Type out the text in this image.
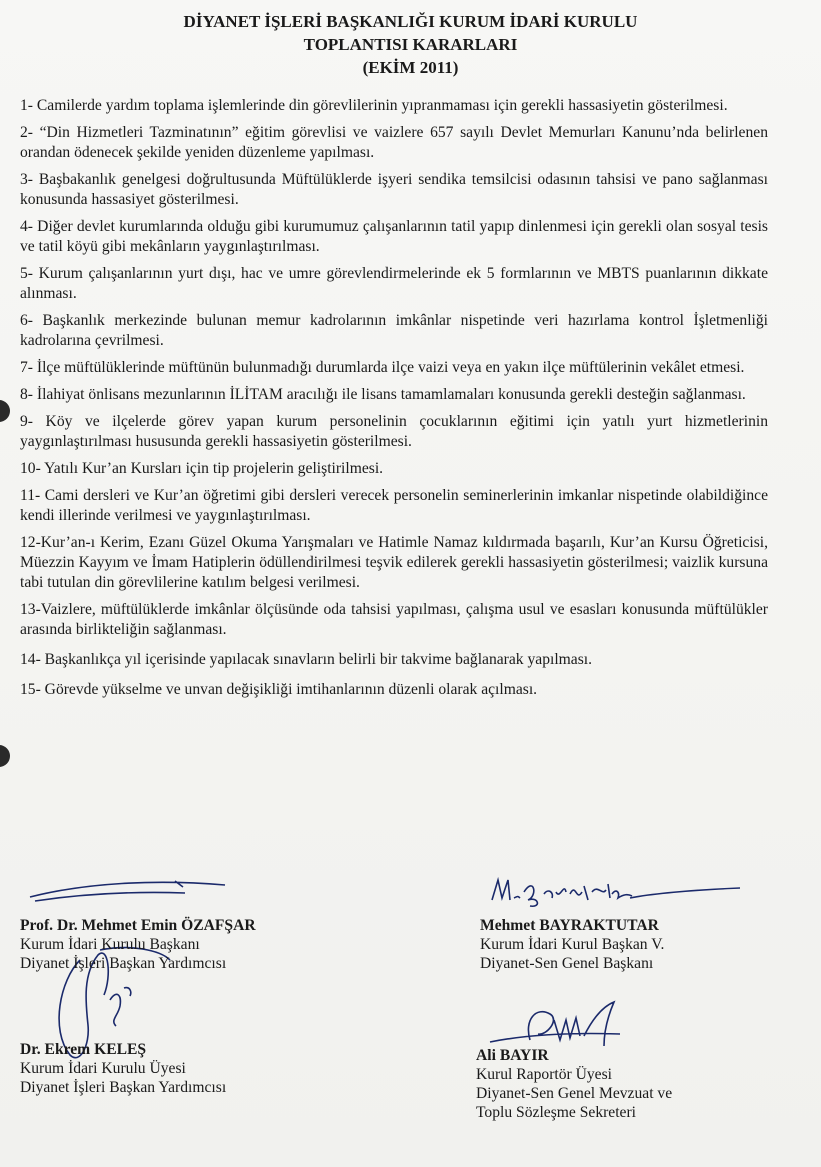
DİYANET İŞLERİ BAŞKANLIĞI KURUM İDARİ KURULU
TOPLANTISI KARARLARI
(EKİM 2011)
1- Camilerde yardım toplama işlemlerinde din görevlilerinin yıpranmaması için gerekli hassasiyetin gösterilmesi.
2- “Din Hizmetleri Tazminatının” eğitim görevlisi ve vaizlere 657 sayılı Devlet Memurları Kanunu’nda belirlenen orandan ödenecek şekilde yeniden düzenleme yapılması.
3- Başbakanlık genelgesi doğrultusunda Müftülüklerde işyeri sendika temsilcisi odasının tahsisi ve pano sağlanması konusunda hassasiyet gösterilmesi.
4- Diğer devlet kurumlarında olduğu gibi kurumumuz çalışanlarının tatil yapıp dinlenmesi için gerekli olan sosyal tesis ve tatil köyü gibi mekânların yaygınlaştırılması.
5- Kurum çalışanlarının yurt dışı, hac ve umre görevlendirmelerinde ek 5 formlarının ve MBTS puanlarının dikkate alınması.
6- Başkanlık merkezinde bulunan memur kadrolarının imkânlar nispetinde veri hazırlama kontrol İşletmenliği kadrolarına çevrilmesi.
7- İlçe müftülüklerinde müftünün bulunmadığı durumlarda ilçe vaizi veya en yakın ilçe müftülerinin vekâlet etmesi.
8- İlahiyat önlisans mezunlarının İLİTAM aracılığı ile lisans tamamlamaları konusunda gerekli desteğin sağlanması.
9- Köy ve ilçelerde görev yapan kurum personelinin çocuklarının eğitimi için yatılı yurt hizmetlerinin yaygınlaştırılması hususunda gerekli hassasiyetin gösterilmesi.
10- Yatılı Kur’an Kursları için tip projelerin geliştirilmesi.
11- Cami dersleri ve Kur’an öğretimi gibi dersleri verecek personelin seminerlerinin imkanlar nispetinde olabildiğince kendi illerinde verilmesi ve yaygınlaştırılması.
12-Kur’an-ı Kerim, Ezanı Güzel Okuma Yarışmaları ve Hatimle Namaz kıldırmada başarılı, Kur’an Kursu Öğreticisi, Müezzin Kayyım ve İmam Hatiplerin ödüllendirilmesi teşvik edilerek gerekli hassasiyetin gösterilmesi; vaizlik kursuna tabi tutulan din görevlilerine katılım belgesi verilmesi.
13-Vaizlere, müftülüklerde imkânlar ölçüsünde oda tahsisi yapılması, çalışma usul ve esasları konusunda müftülükler arasında birlikteliğin sağlanması.
14- Başkanlıkça yıl içerisinde yapılacak sınavların belirli bir takvime bağlanarak yapılması.
15- Görevde yükselme ve unvan değişikliği imtihanlarının düzenli olarak açılması.
Prof. Dr. Mehmet Emin ÖZAFŞAR
Kurum İdari Kurulu Başkanı
Diyanet İşleri Başkan Yardımcısı
Mehmet BAYRAKTUTAR
Kurum İdari Kurul Başkan V.
Diyanet-Sen Genel Başkanı
Dr. Ekrem KELEŞ
Kurum İdari Kurulu Üyesi
Diyanet İşleri Başkan Yardımcısı
Ali BAYIR
Kurul Raportör Üyesi
Diyanet-Sen Genel Mevzuat ve
Toplu Sözleşme Sekreteri
